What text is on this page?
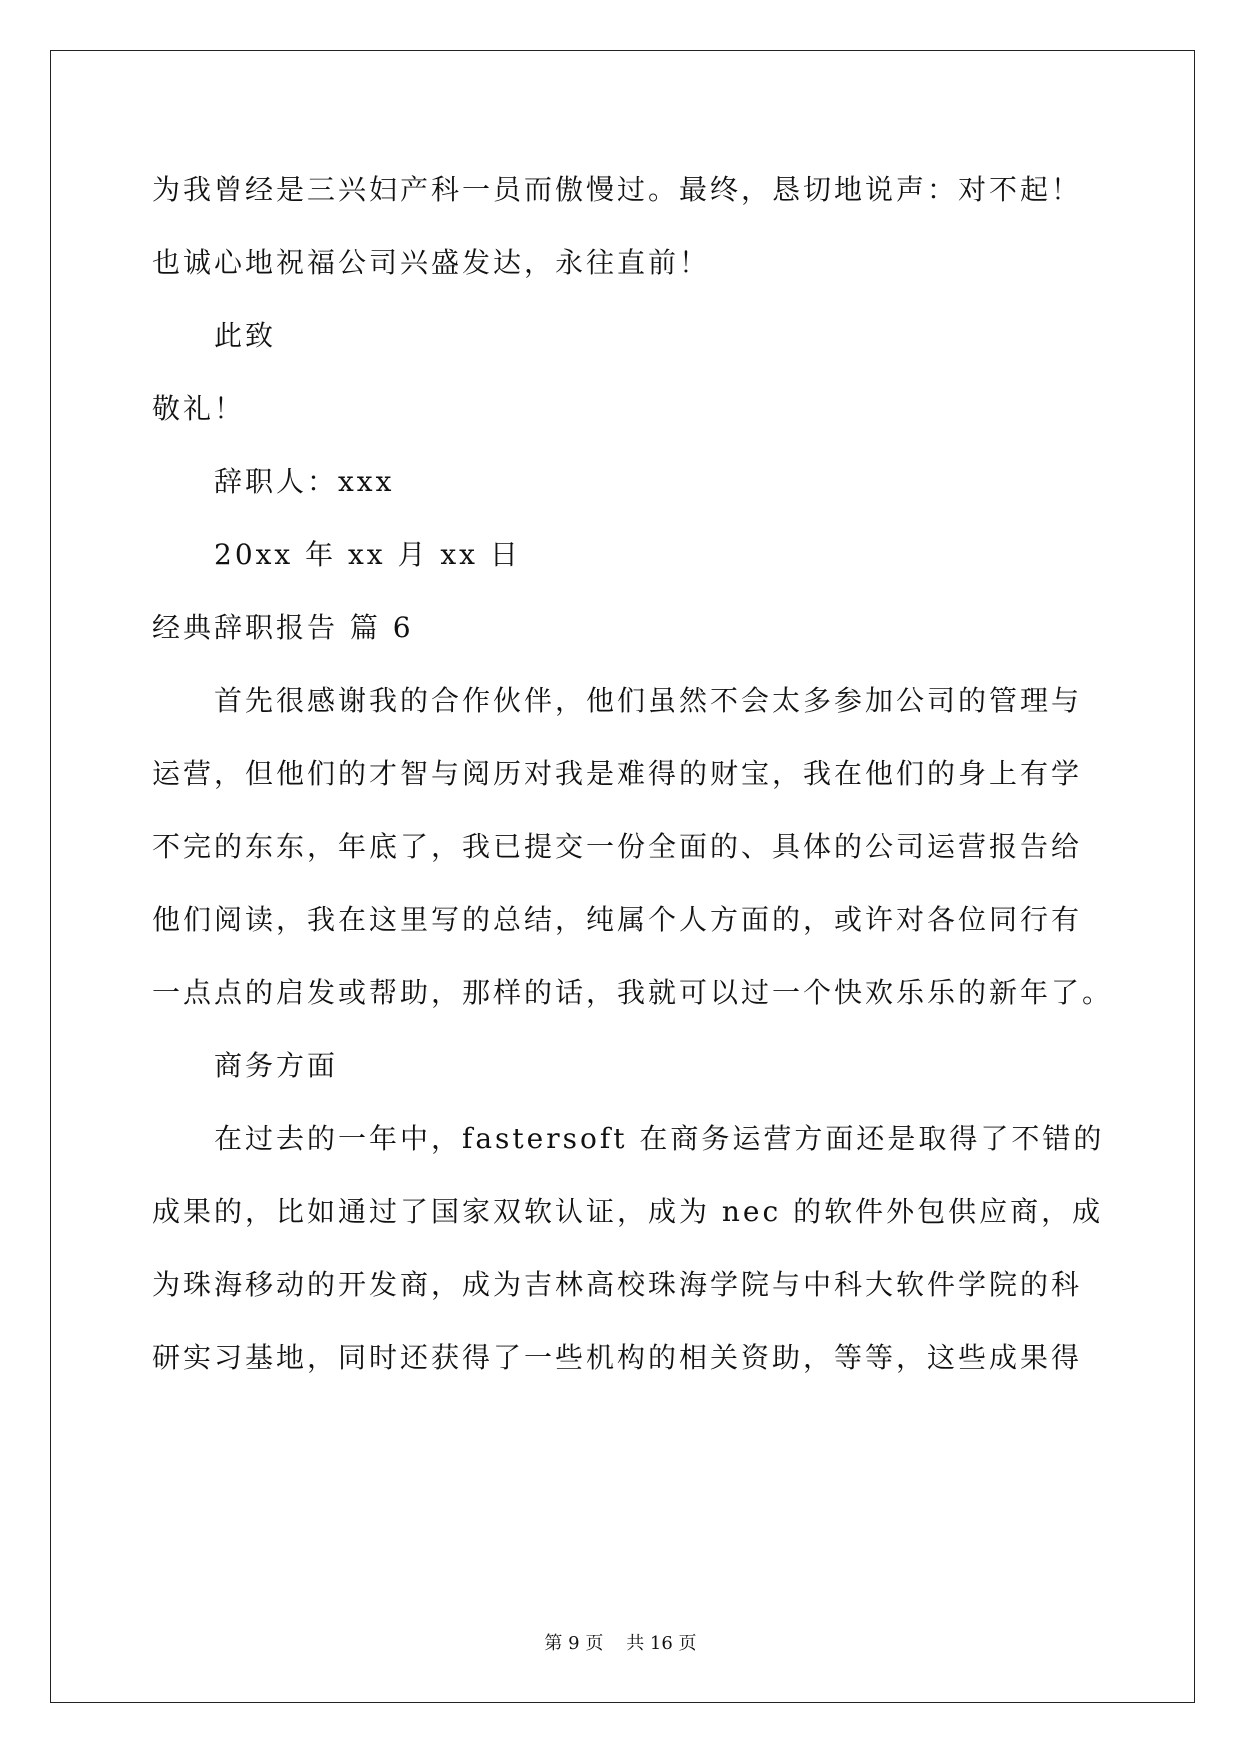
为我曾经是三兴妇产科一员而傲慢过。最终，恳切地说声：对不起！
也诚心地祝福公司兴盛发达，永往直前！
此致
敬礼！
辞职人：xxx
20xx 年 xx 月 xx 日
经典辞职报告 篇 6
首先很感谢我的合作伙伴，他们虽然不会太多参加公司的管理与
运营，但他们的才智与阅历对我是难得的财宝，我在他们的身上有学
不完的东东，年底了，我已提交一份全面的、具体的公司运营报告给
他们阅读，我在这里写的总结，纯属个人方面的，或许对各位同行有
一点点的启发或帮助，那样的话，我就可以过一个快欢乐乐的新年了。
商务方面
在过去的一年中，fastersoft 在商务运营方面还是取得了不错的
成果的，比如通过了国家双软认证，成为 nec 的软件外包供应商，成
为珠海移动的开发商，成为吉林高校珠海学院与中科大软件学院的科
研实习基地，同时还获得了一些机构的相关资助，等等，这些成果得
第 9 页    共 16 页
